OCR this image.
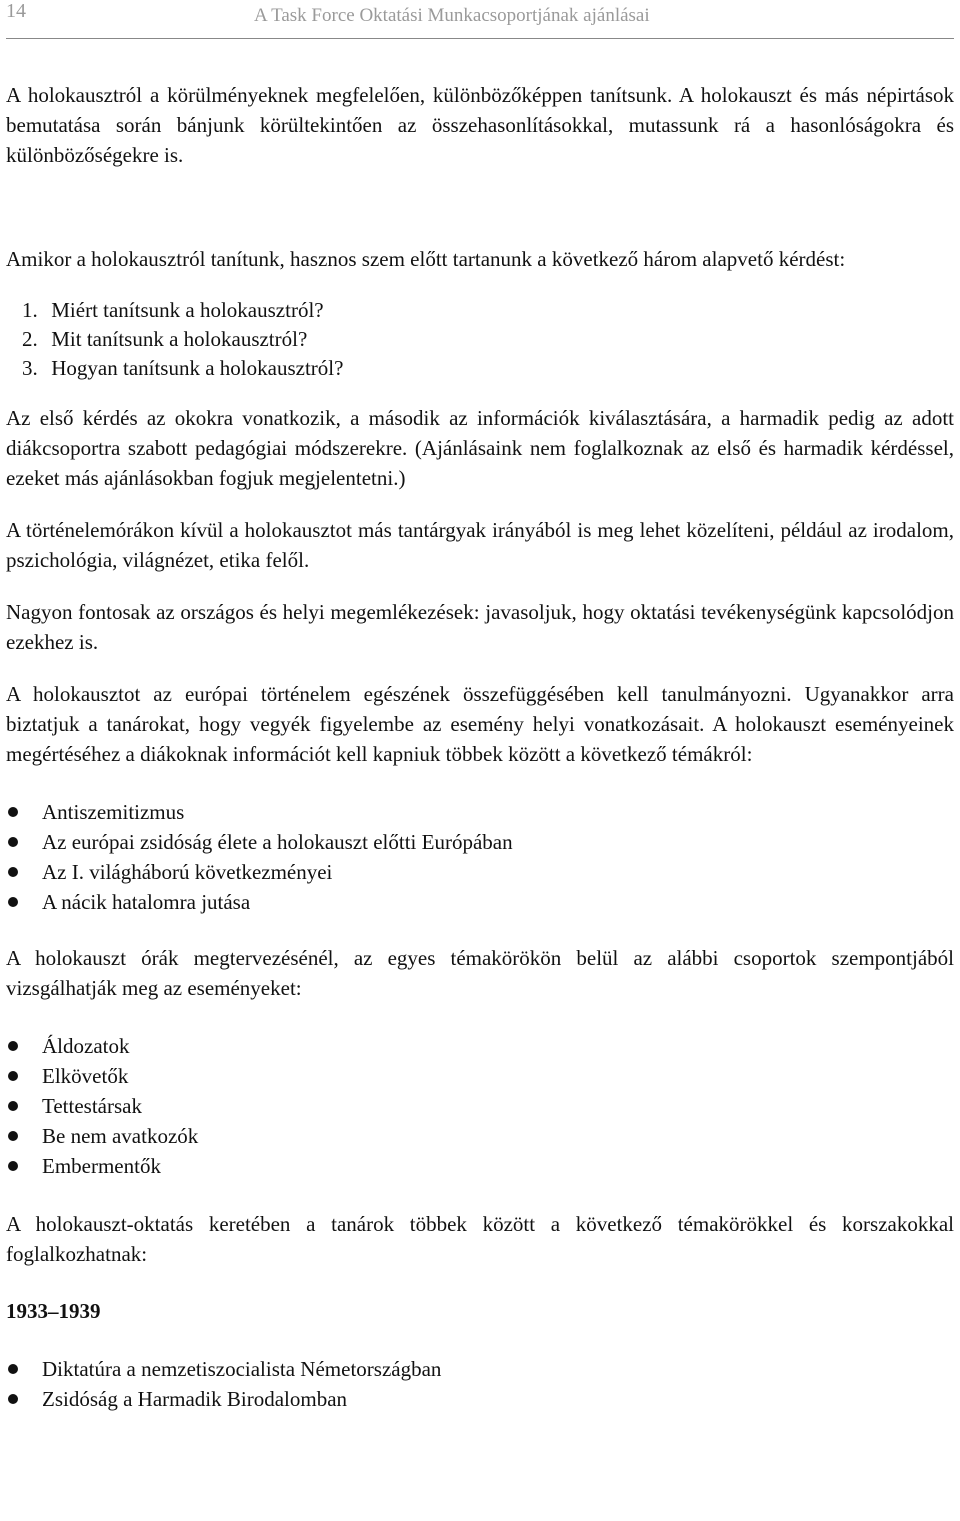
14	A Task Force Oktatási Munkacsoportjának ajánlásai

A holokausztról a körülményeknek megfelelően, különbözőképpen tanítsunk. A holokauszt és más népirtások bemutatása során bánjunk körültekintően az összehasonlításokkal, mutassunk rá a hasonlóságokra és különbözőségekre is.

Amikor a holokausztról tanítunk, hasznos szem előtt tartanunk a következő három alapvető kérdést:

1. Miért tanítsunk a holokausztról?
2. Mit tanítsunk a holokausztról?
3. Hogyan tanítsunk a holokausztról?

Az első kérdés az okokra vonatkozik, a második az információk kiválasztására, a harmadik pedig az adott diákcsoportra szabott pedagógiai módszerekre. (Ajánlásaink nem foglalkoznak az első és harmadik kérdéssel, ezeket más ajánlásokban fogjuk megjelentetni.)

A történelemórákon kívül a holokausztot más tantárgyak irányából is meg lehet közelíteni, például az irodalom, pszichológia, világnézet, etika felől.

Nagyon fontosak az országos és helyi megemlékezések: javasoljuk, hogy oktatási tevékenységünk kapcsolódjon ezekhez is.

A holokausztot az európai történelem egészének összefüggésében kell tanulmányozni. Ugyanakkor arra biztatjuk a tanárokat, hogy vegyék figyelembe az esemény helyi vonatkozásait. A holokauszt eseményeinek megértéséhez a diákoknak információt kell kapniuk többek között a következő témákról:

Antiszemitizmus
Az európai zsidóság élete a holokauszt előtti Európában
Az I. világháború következményei
A nácik hatalomra jutása

A holokauszt órák megtervezésénél, az egyes témakörökön belül az alábbi csoportok szempontjából vizsgálhatják meg az eseményeket:

Áldozatok
Elkövetők
Tettestársak
Be nem avatkozók
Embermentők

A holokauszt-oktatás keretében a tanárok többek között a következő témakörökkel és korszakokkal foglalkozhatnak:

1933–1939
Diktatúra a nemzetiszocialista Németországban
Zsidóság a Harmadik Birodalomban
